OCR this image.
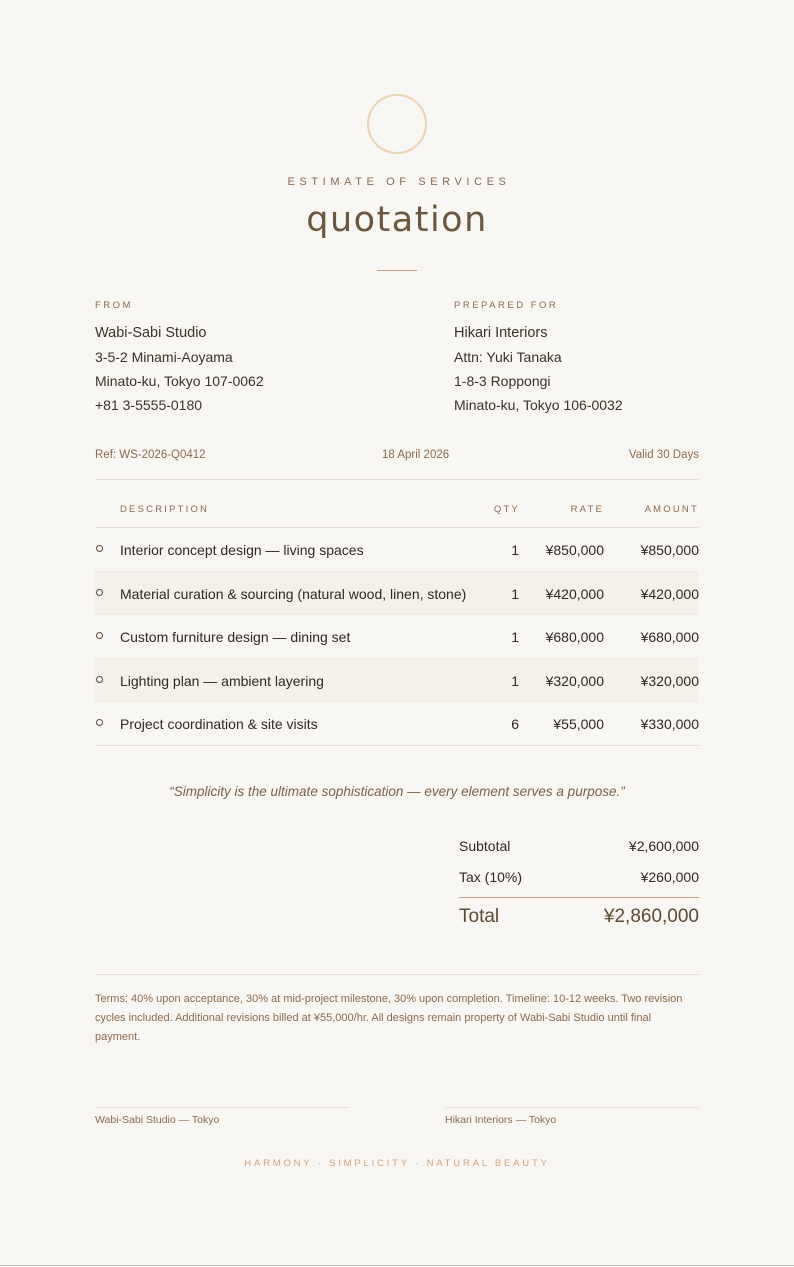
ESTIMATE OF SERVICES
quotation
FROM
Wabi-Sabi Studio
3-5-2 Minami-Aoyama
Minato-ku, Tokyo 107-0062
+81 3-5555-0180
PREPARED FOR
Hikari Interiors
Attn: Yuki Tanaka
1-8-3 Roppongi
Minato-ku, Tokyo 106-0032
Ref: WS-2026-Q0412	18 April 2026	Valid 30 Days
DESCRIPTION	QTY	RATE	AMOUNT
Interior concept design — living spaces	1 ¥850,000	¥850,000
Material curation & sourcing (natural wood, linen, stone)	1 ¥420,000	¥420,000
Custom furniture design — dining set	1 ¥680,000	¥680,000
Lighting plan — ambient layering	1 ¥320,000	¥320,000
Project coordination & site visits	6 ¥55,000	¥330,000
“Simplicity is the ultimate sophistication — every element serves a purpose.”
Subtotal	¥2,600,000
Tax (10%)	¥260,000
Total	¥2,860,000
Terms: 40% upon acceptance, 30% at mid-project milestone, 30% upon completion. Timeline: 10-12 weeks. Two revision cycles included. Additional revisions billed at ¥55,000/hr. All designs remain property of Wabi-Sabi Studio until final payment.
Wabi-Sabi Studio — Tokyo	Hikari Interiors — Tokyo
HARMONY · SIMPLICITY · NATURAL BEAUTY
